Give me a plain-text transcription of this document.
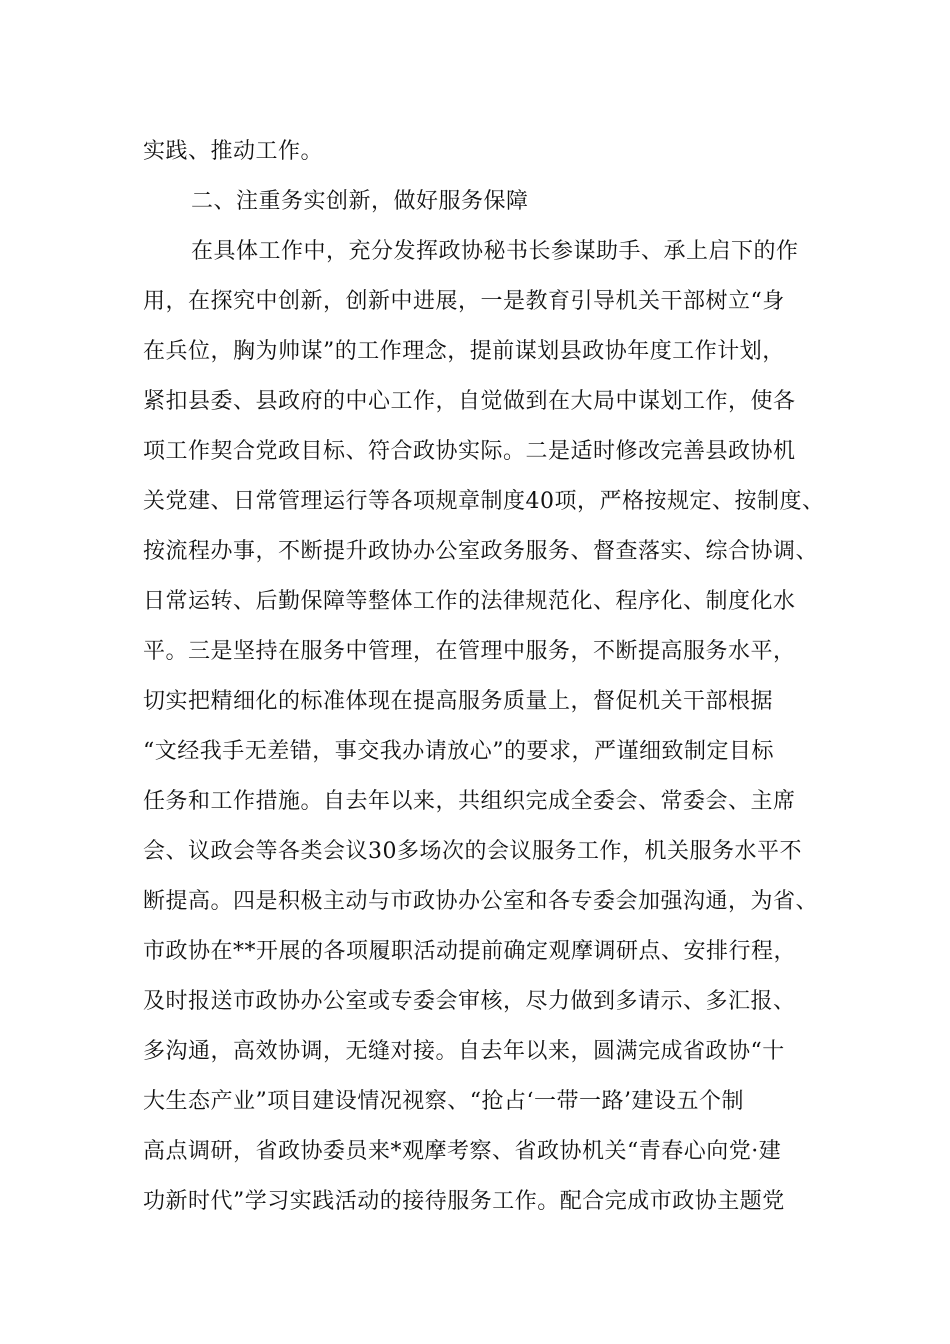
实践、推动工作。
二、注重务实创新，做好服务保障
在具体工作中，充分发挥政协秘书长参谋助手、承上启下的作
用，在探究中创新，创新中进展，一是教育引导机关干部树立“身
在兵位，胸为帅谋”的工作理念，提前谋划县政协年度工作计划，
紧扣县委、县政府的中心工作，自觉做到在大局中谋划工作，使各
项工作契合党政目标、符合政协实际。二是适时修改完善县政协机
关党建、日常管理运行等各项规章制度40项，严格按规定、按制度、
按流程办事，不断提升政协办公室政务服务、督查落实、综合协调、
日常运转、后勤保障等整体工作的法律规范化、程序化、制度化水
平。三是坚持在服务中管理，在管理中服务，不断提高服务水平，
切实把精细化的标准体现在提高服务质量上，督促机关干部根据
“文经我手无差错，事交我办请放心”的要求，严谨细致制定目标
任务和工作措施。自去年以来，共组织完成全委会、常委会、主席
会、议政会等各类会议30多场次的会议服务工作，机关服务水平不
断提高。四是积极主动与市政协办公室和各专委会加强沟通，为省、
市政协在**开展的各项履职活动提前确定观摩调研点、安排行程，
及时报送市政协办公室或专委会审核，尽力做到多请示、多汇报、
多沟通，高效协调，无缝对接。自去年以来，圆满完成省政协“十
大生态产业”项目建设情况视察、“抢占‘一带一路’建设五个制
高点调研，省政协委员来*观摩考察、省政协机关“青春心向党·建
功新时代”学习实践活动的接待服务工作。配合完成市政协主题党
